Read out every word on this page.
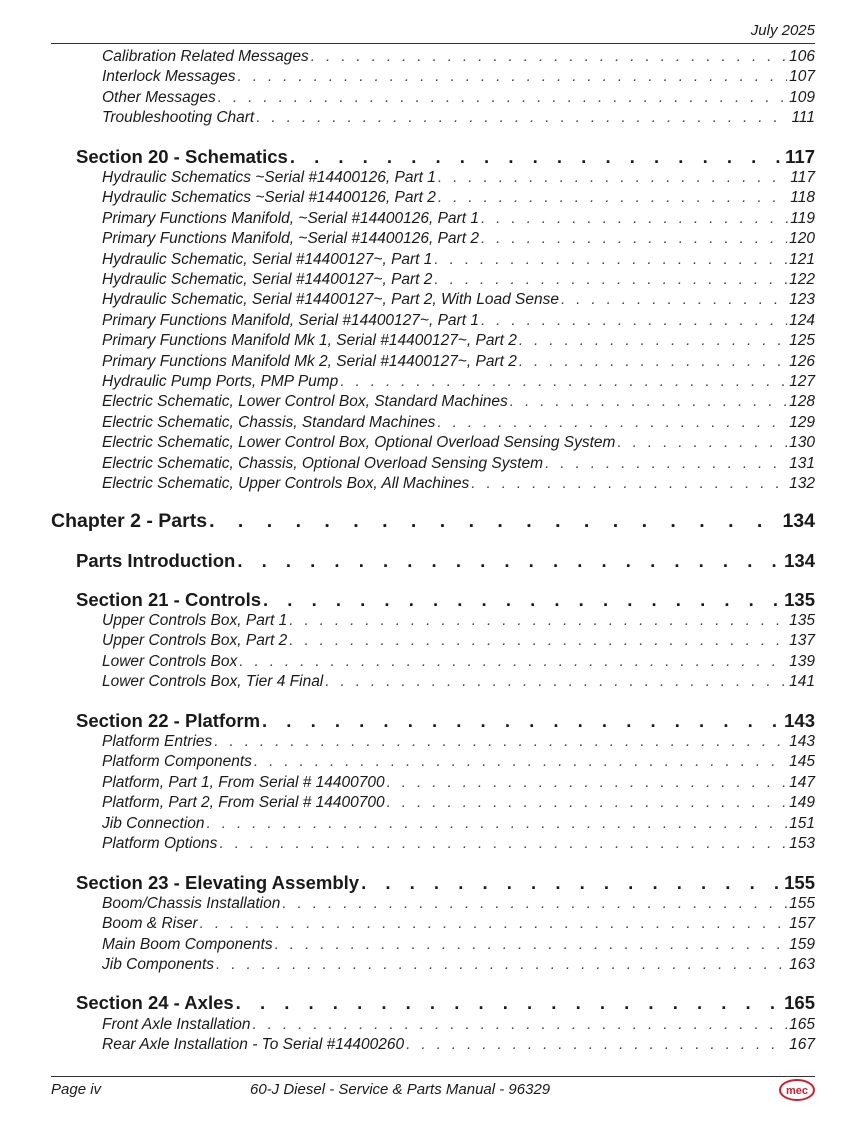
July 2025
Calibration Related Messages . .	106
Interlock Messages . .	107
Other Messages . .	109
Troubleshooting Chart . .	111
Section 20 - Schematics . .	117
Hydraulic Schematics ~Serial #14400126, Part 1 . .	117
Hydraulic Schematics ~Serial #14400126, Part 2 . .	118
Primary Functions Manifold, ~Serial #14400126, Part 1 . .	119
Primary Functions Manifold, ~Serial #14400126, Part 2 . .	120
Hydraulic Schematic, Serial #14400127~, Part 1 . .	121
Hydraulic Schematic, Serial #14400127~, Part 2 . .	122
Hydraulic Schematic, Serial #14400127~, Part 2, With Load Sense . .	123
Primary Functions Manifold, Serial #14400127~, Part 1 . .	124
Primary Functions Manifold Mk 1, Serial #14400127~, Part 2 . .	125
Primary Functions Manifold Mk 2, Serial #14400127~, Part 2 . .	126
Hydraulic Pump Ports, PMP Pump . .	127
Electric Schematic, Lower Control Box, Standard Machines . .	128
Electric Schematic, Chassis, Standard Machines . .	129
Electric Schematic, Lower Control Box, Optional Overload Sensing System . .	130
Electric Schematic, Chassis, Optional Overload Sensing System . .	131
Electric Schematic, Upper Controls Box, All Machines . .	132
Chapter 2 - Parts . .	134
Parts Introduction . .	134
Section 21 - Controls . .	135
Upper Controls Box, Part 1 . .	135
Upper Controls Box, Part 2 . .	137
Lower Controls Box . .	139
Lower Controls Box, Tier 4 Final . .	141
Section 22 - Platform . .	143
Platform Entries . .	143
Platform Components . .	145
Platform, Part 1, From Serial # 14400700 . .	147
Platform, Part 2, From Serial # 14400700 . .	149
Jib Connection . .	151
Platform Options . .	153
Section 23 - Elevating Assembly . .	155
Boom/Chassis Installation . .	155
Boom & Riser . .	157
Main Boom Components . .	159
Jib Components . .	163
Section 24 - Axles . .	165
Front Axle Installation . .	165
Rear Axle Installation - To Serial #14400260 . .	167
Page iv	60-J Diesel - Service & Parts Manual - 96329	mec
